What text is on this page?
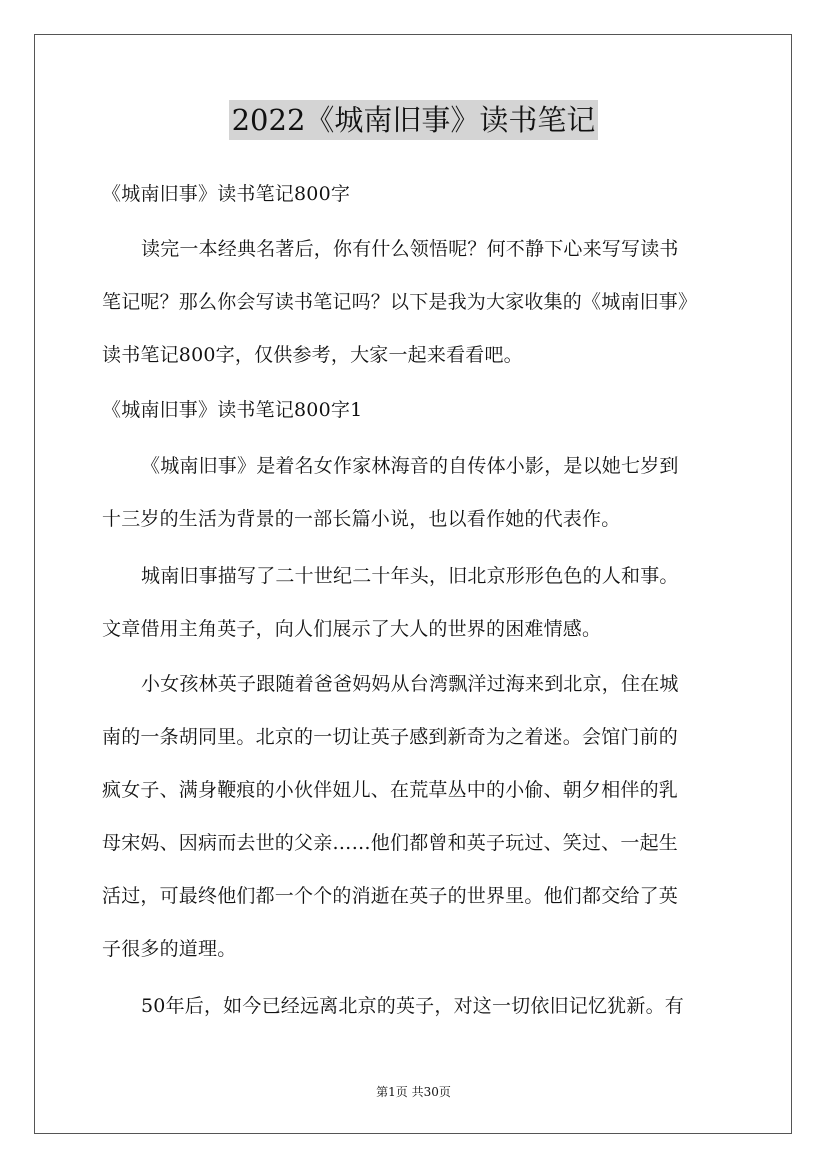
2022《城南旧事》读书笔记
《城南旧事》读书笔记800字
读完一本经典名著后，你有什么领悟呢？何不静下心来写写读书
笔记呢？那么你会写读书笔记吗？以下是我为大家收集的《城南旧事》
读书笔记800字，仅供参考，大家一起来看看吧。
《城南旧事》读书笔记800字1
《城南旧事》是着名女作家林海音的自传体小影，是以她七岁到
十三岁的生活为背景的一部长篇小说，也以看作她的代表作。
城南旧事描写了二十世纪二十年头，旧北京形形色色的人和事。
文章借用主角英子，向人们展示了大人的世界的困难情感。
小女孩林英子跟随着爸爸妈妈从台湾飘洋过海来到北京，住在城
南的一条胡同里。北京的一切让英子感到新奇为之着迷。会馆门前的
疯女子、满身鞭痕的小伙伴妞儿、在荒草丛中的小偷、朝夕相伴的乳
母宋妈、因病而去世的父亲……他们都曾和英子玩过、笑过、一起生
活过，可最终他们都一个个的消逝在英子的世界里。他们都交给了英
子很多的道理。
50年后，如今已经远离北京的英子，对这一切依旧记忆犹新。有
第1页 共30页
